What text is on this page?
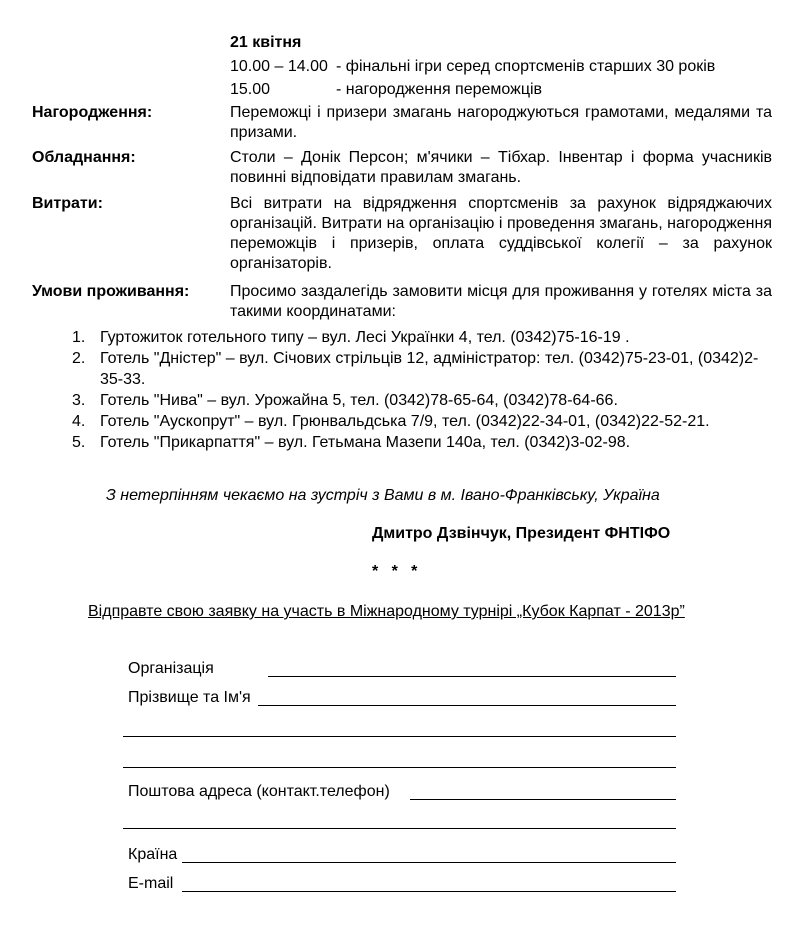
21 квітня
10.00 – 14.00 - фінальні ігри серед спортсменів старших 30 років
15.00	- нагородження переможців
Нагородження:	Переможці і призери змагань нагороджуються грамотами, медалями та призами.
Обладнання:	Столи – Донік Персон; м'ячики – Тібхар. Інвентар і форма учасників повинні відповідати правилам змагань.
Витрати:	Всі витрати на відрядження спортсменів за рахунок відряджаючих організацій. Витрати на організацію і проведення змагань, нагородження переможців і призерів, оплата суддівської колегії – за рахунок організаторів.
Умови проживання:	Просимо заздалегідь замовити місця для проживання у готелях міста за такими координатами:
1. Гуртожиток готельного типу – вул. Лесі Українки 4, тел. (0342)75-16-19 .
2. Готель "Дністер" – вул. Січових стрільців 12, адміністратор: тел. (0342)75-23-01, (0342)2-35-33.
3. Готель "Нива" – вул. Урожайна 5, тел. (0342)78-65-64, (0342)78-64-66.
4. Готель "Аускопрут" – вул. Грюнвальдська 7/9, тел. (0342)22-34-01, (0342)22-52-21.
5. Готель "Прикарпаття" – вул. Гетьмана Мазепи 140а, тел. (0342)3-02-98.
З нетерпінням чекаємо на зустріч з Вами в м. Івано-Франківську, Україна
Дмитро Дзвінчук, Президент ФНТІФО
*   *   *
Відправте свою заявку на участь в Міжнародному турнірі „Кубок Карпат - 2013р”
Організація
Прізвище та Ім'я
Поштова адреса (контакт.телефон)
Країна
E-mail
